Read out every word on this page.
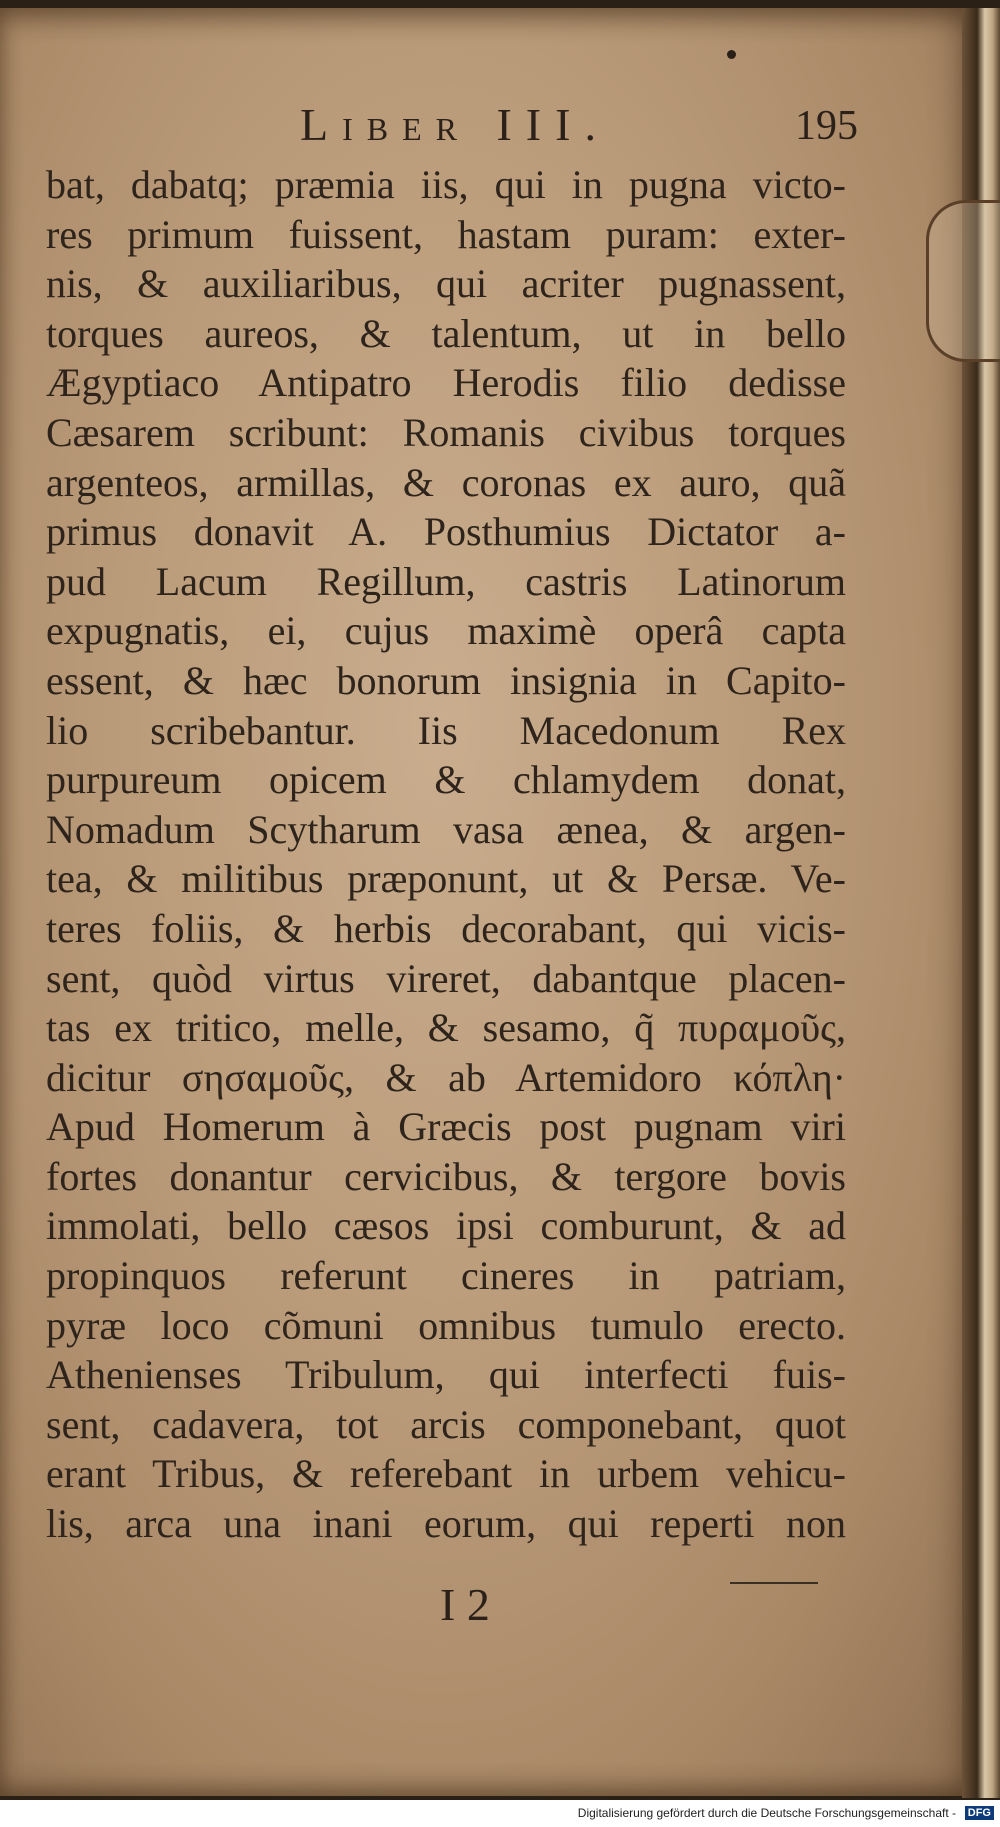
Liber III.	195
bat, dabatq; præmia iis, qui in pugna victo-
res primum fuissent, hastam puram: exter-
nis, & auxiliaribus, qui acriter pugnassent,
torques aureos, & talentum, ut in bello
Ægyptiaco Antipatro Herodis filio dedisse
Cæsarem scribunt: Romanis civibus torques
argenteos, armillas, & coronas ex auro, quã
primus donavit A. Posthumius Dictator a-
pud Lacum Regillum, castris Latinorum
expugnatis, ei, cujus maximè operâ capta
essent, & hæc bonorum insignia in Capito-
lio scribebantur. Iis Macedonum Rex
purpureum opicem & chlamydem donat,
Nomadum Scytharum vasa ænea, & argen-
tea, & militibus præponunt, ut & Persæ. Ve-
teres foliis, & herbis decorabant, qui vicis-
sent, quòd virtus vireret, dabantque placen-
tas ex tritico, melle, & sesamo, q̃ πυραμοῦς,
dicitur σησαμοῦς, & ab Artemidoro κόπλη·
Apud Homerum à Græcis post pugnam viri
fortes donantur cervicibus, & tergore bovis
immolati, bello cæsos ipsi comburunt, & ad
propinquos referunt cineres in patriam,
pyræ loco cõmuni omnibus tumulo erecto.
Athenienses Tribulum, qui interfecti fuis-
sent, cadavera, tot arcis componebant, quot
erant Tribus, & referebant in urbem vehicu-
lis, arca una inani eorum, qui reperti non
I 2
Digitalisierung gefördert durch die Deutsche Forschungsgemeinschaft - DFG
